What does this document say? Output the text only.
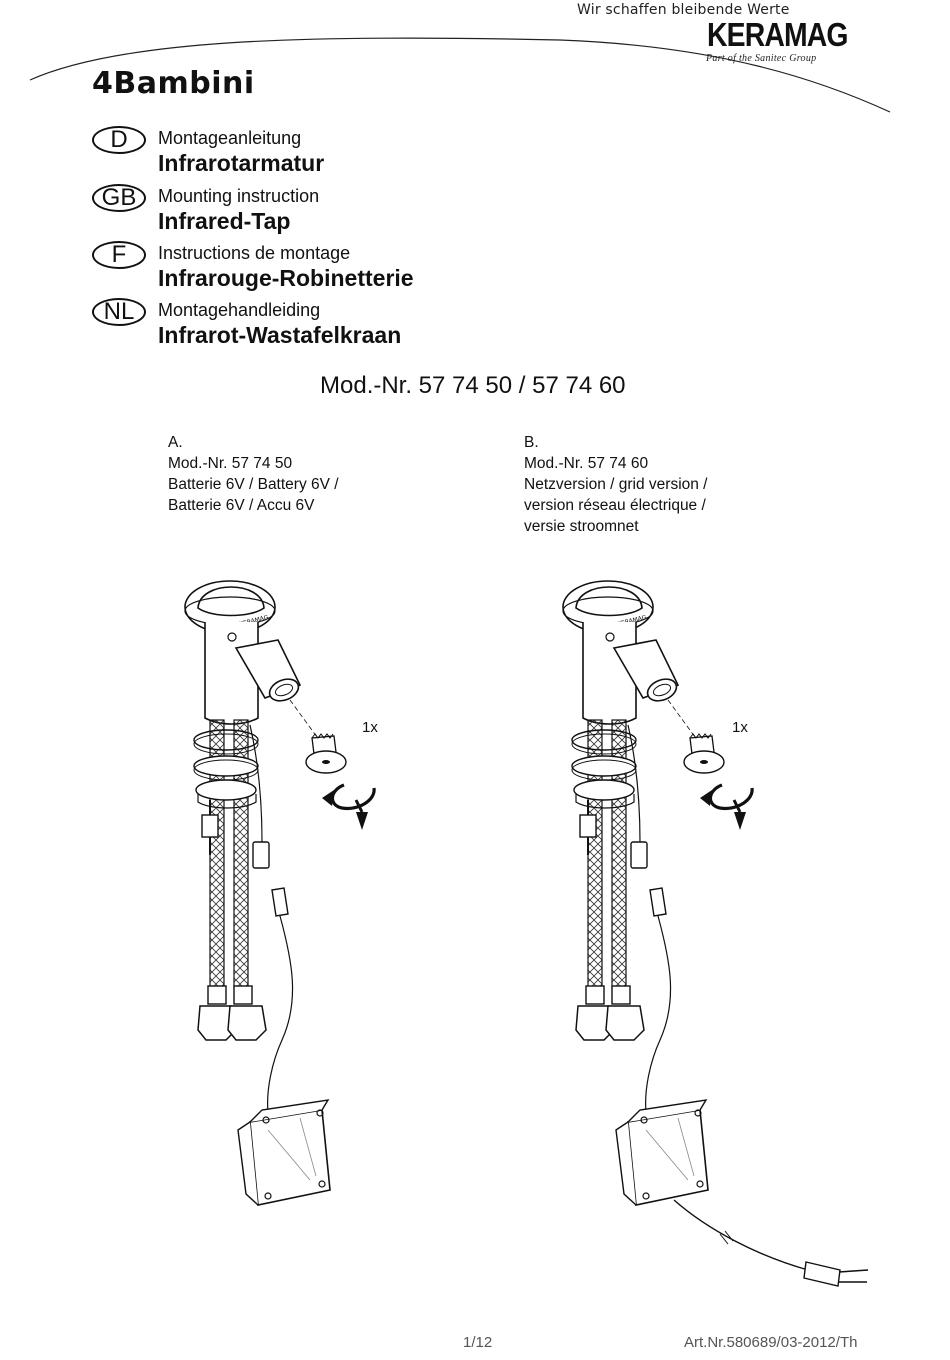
Wir schaffen bleibende Werte
KERAMAG
Part of the Sanitec Group
4Bambini
D	Montageanleitung
Infrarotarmatur
GB	Mounting instruction
Infrared-Tap
F	Instructions de montage
Infrarouge-Robinetterie
NL	Montagehandleiding
Infrarot-Wastafelkraan
Mod.-Nr. 57 74 50 / 57 74 60
A.
Mod.-Nr. 57 74 50
Batterie 6V / Battery 6V /
Batterie 6V / Accu 6V
B.
Mod.-Nr. 57 74 60
Netzversion / grid version /
version réseau électrique /
versie stroomnet
1x	1x
1/12	Art.Nr.580689/03-2012/Th
